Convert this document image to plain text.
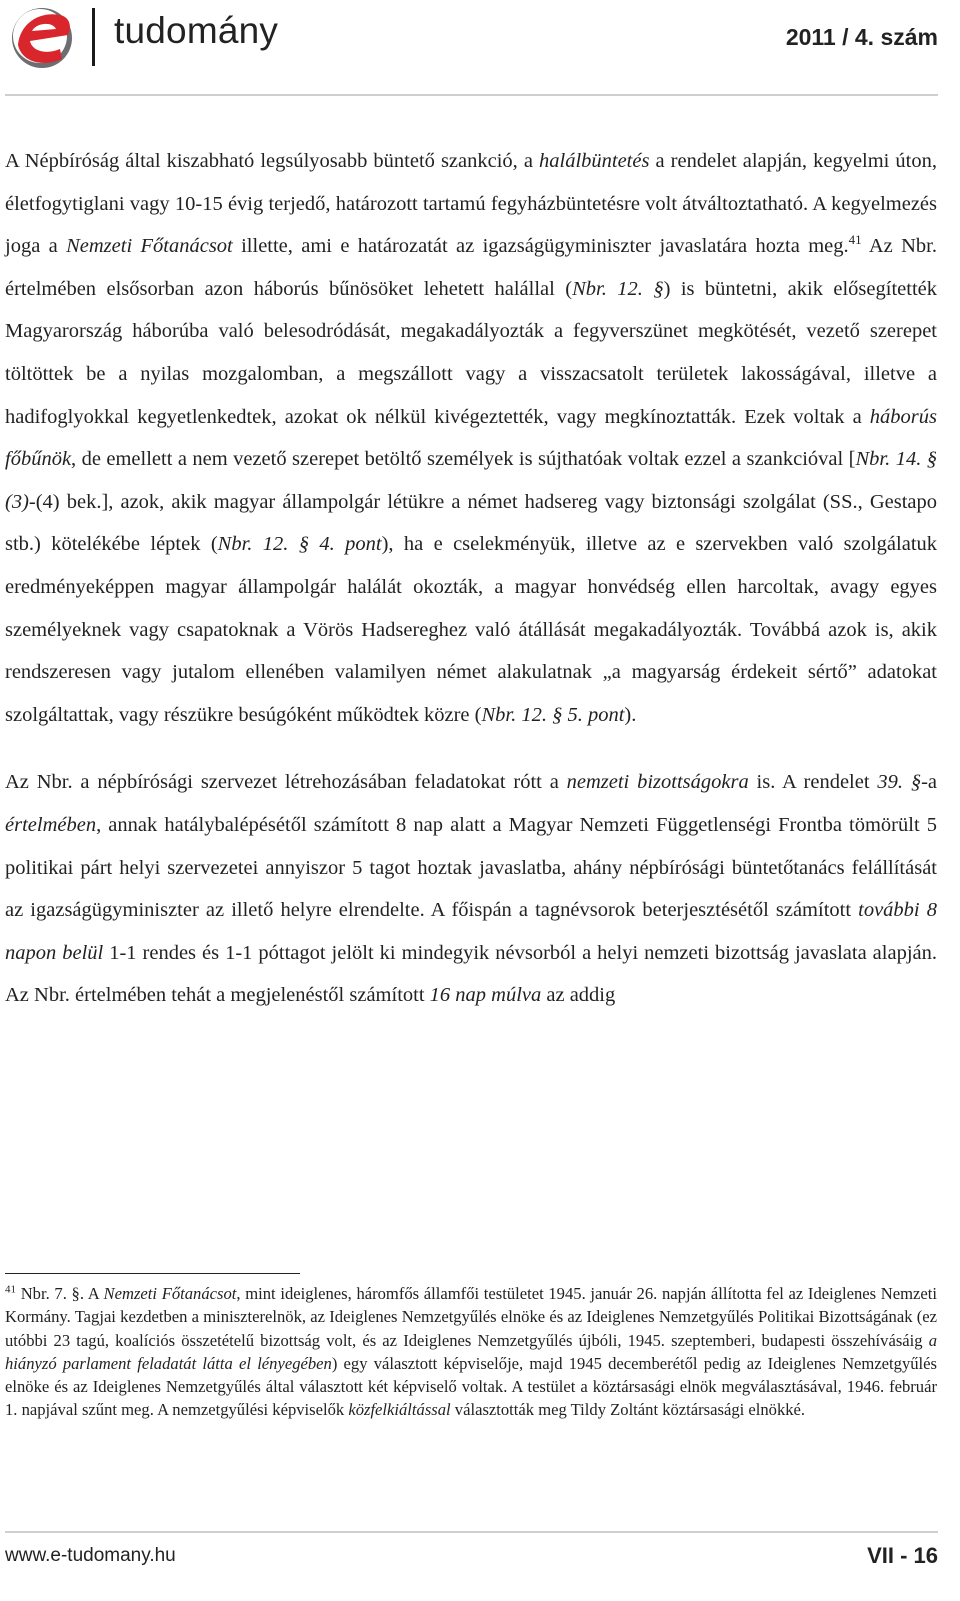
e
tudomány	2011 / 4. szám

A Népbíróság által kiszabható legsúlyosabb büntető szankció, a halálbüntetés a rendelet alapján, kegyelmi úton, életfogytiglani vagy 10-15 évig terjedő, határozott tartamú fegyházbüntetésre volt átváltoztatható. A kegyelmezés joga a Nemzeti Főtanácsot illette, ami e határozatát az igazságügyminiszter javaslatára hozta meg.$^{41}$ Az Nbr. értelmében elsősorban azon háborús bűnösöket lehetett halállal (Nbr. 12. §) is büntetni, akik elősegítették Magyarország háborúba való belesodródását, megakadályozták a fegyverszünet megkötését, vezető szerepet töltöttek be a nyilas mozgalomban, a megszállott vagy a visszacsatolt területek lakosságával, illetve a hadifoglyokkal kegyetlenkedtek, azokat ok nélkül kivégeztették, vagy megkínoztatták. Ezek voltak a háborús főbűnök, de emellett a nem vezető szerepet betöltő személyek is sújthatóak voltak ezzel a szankcióval [Nbr. 14. § (3)-(4) bek.], azok, akik magyar állampolgár létükre a német hadsereg vagy biztonsági szolgálat (SS., Gestapo stb.) kötelékébe léptek (Nbr. 12. § 4. pont), ha e cselekményük, illetve az e szervekben való szolgálatuk eredményeképpen magyar állampolgár halálát okozták, a magyar honvédség ellen harcoltak, avagy egyes személyeknek vagy csapatoknak a Vörös Hadsereghez való átállását megakadályozták. Továbbá azok is, akik rendszeresen vagy jutalom ellenében valamilyen német alakulatnak „a magyarság érdekeit sértő” adatokat szolgáltattak, vagy részükre besúgóként működtek közre (Nbr. 12. § 5. pont).

Az Nbr. a népbírósági szervezet létrehozásában feladatokat rótt a nemzeti bizottságokra is. A rendelet 39. §-a értelmében, annak hatálybalépésétől számított 8 nap alatt a Magyar Nemzeti Függetlenségi Frontba tömörült 5 politikai párt helyi szervezetei annyiszor 5 tagot hoztak javaslatba, ahány népbírósági büntetőtanács felállítását az igazságügyminiszter az illető helyre elrendelte. A főispán a tagnévsorok beterjesztésétől számított további 8 napon belül 1-1 rendes és 1-1 póttagot jelölt ki mindegyik névsorból a helyi nemzeti bizottság javaslata alapján. Az Nbr. értelmében tehát a megjelenéstől számított 16 nap múlva az addig

$^{41}$ Nbr. 7. §. A Nemzeti Főtanácsot, mint ideiglenes, háromfős államfői testületet 1945. január 26. napján állította fel az Ideiglenes Nemzeti Kormány. Tagjai kezdetben a miniszterelnök, az Ideiglenes Nemzetgyűlés elnöke és az Ideiglenes Nemzetgyűlés Politikai Bizottságának (ez utóbbi 23 tagú, koalíciós összetételű bizottság volt, és az Ideiglenes Nemzetgyűlés újbóli, 1945. szeptemberi, budapesti összehívásáig a hiányzó parlament feladatát látta el lényegében) egy választott képviselője, majd 1945 decemberétől pedig az Ideiglenes Nemzetgyűlés elnöke és az Ideiglenes Nemzetgyűlés által választott két képviselő voltak. A testület a köztársasági elnök megválasztásával, 1946. február 1. napjával szűnt meg. A nemzetgyűlési képviselők közfelkiáltással választották meg Tildy Zoltánt köztársasági elnökké.

www.e-tudomany.hu	VII - 16
